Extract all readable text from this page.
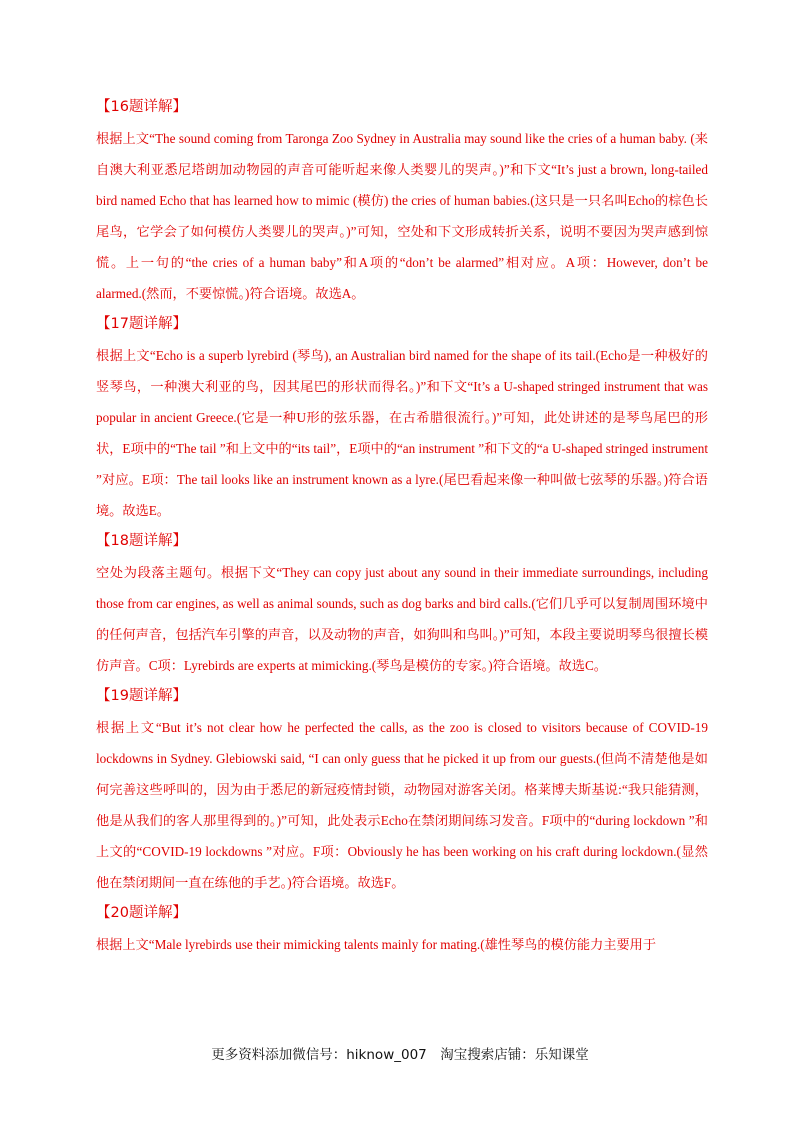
【16题详解】

根据上文“The sound coming from Taronga Zoo Sydney in Australia may sound like the cries of a human baby. (来自澳大利亚悉尼塔朗加动物园的声音可能听起来像人类婴儿的哭声。)”和下文“It’s just a brown, long-tailed bird named Echo that has learned how to mimic (模仿) the cries of human babies.(这只是一只名叫Echo的棕色长尾鸟，它学会了如何模仿人类婴儿的哭声。)”可知，空处和下文形成转折关系，说明不要因为哭声感到惊慌。上一句的“the cries of a human baby”和A项的“don’t be alarmed”相对应。A项：However, don’t be alarmed.(然而，不要惊慌。)符合语境。故选A。

【17题详解】

根据上文“Echo is a superb lyrebird (琴鸟), an Australian bird named for the shape of its tail.(Echo是一种极好的竖琴鸟，一种澳大利亚的鸟，因其尾巴的形状而得名。)”和下文“It’s a U-shaped stringed instrument that was popular in ancient Greece.(它是一种U形的弦乐器，在古希腊很流行。)”可知，此处讲述的是琴鸟尾巴的形状，E项中的“The tail ”和上文中的“its tail”，E项中的“an instrument ”和下文的“a U-shaped stringed instrument ”对应。E项：The tail looks like an instrument known as a lyre.(尾巴看起来像一种叫做七弦琴的乐器。)符合语境。故选E。

【18题详解】

空处为段落主题句。根据下文“They can copy just about any sound in their immediate surroundings, including those from car engines, as well as animal sounds, such as dog barks and bird calls.(它们几乎可以复制周围环境中的任何声音，包括汽车引擎的声音，以及动物的声音，如狗叫和鸟叫。)”可知，本段主要说明琴鸟很擅长模仿声音。C项：Lyrebirds are experts at mimicking.(琴鸟是模仿的专家。)符合语境。故选C。

【19题详解】

根据上文“But it’s not clear how he perfected the calls, as the zoo is closed to visitors because of COVID-19 lockdowns in Sydney. Glebiowski said, “I can only guess that he picked it up from our guests.(但尚不清楚他是如何完善这些呼叫的，因为由于悉尼的新冠疫情封锁，动物园对游客关闭。格莱博夫斯基说:“我只能猜测，他是从我们的客人那里得到的。)”可知，此处表示Echo在禁闭期间练习发音。F项中的“during lockdown ”和上文的“COVID-19 lockdowns ”对应。F项：Obviously he has been working on his craft during lockdown.(显然他在禁闭期间一直在练他的手艺。)符合语境。故选F。

【20题详解】

根据上文“Male lyrebirds use their mimicking talents mainly for mating.(雄性琴鸟的模仿能力主要用于

更多资料添加微信号：hiknow_007　淘宝搜索店铺：乐知课堂
